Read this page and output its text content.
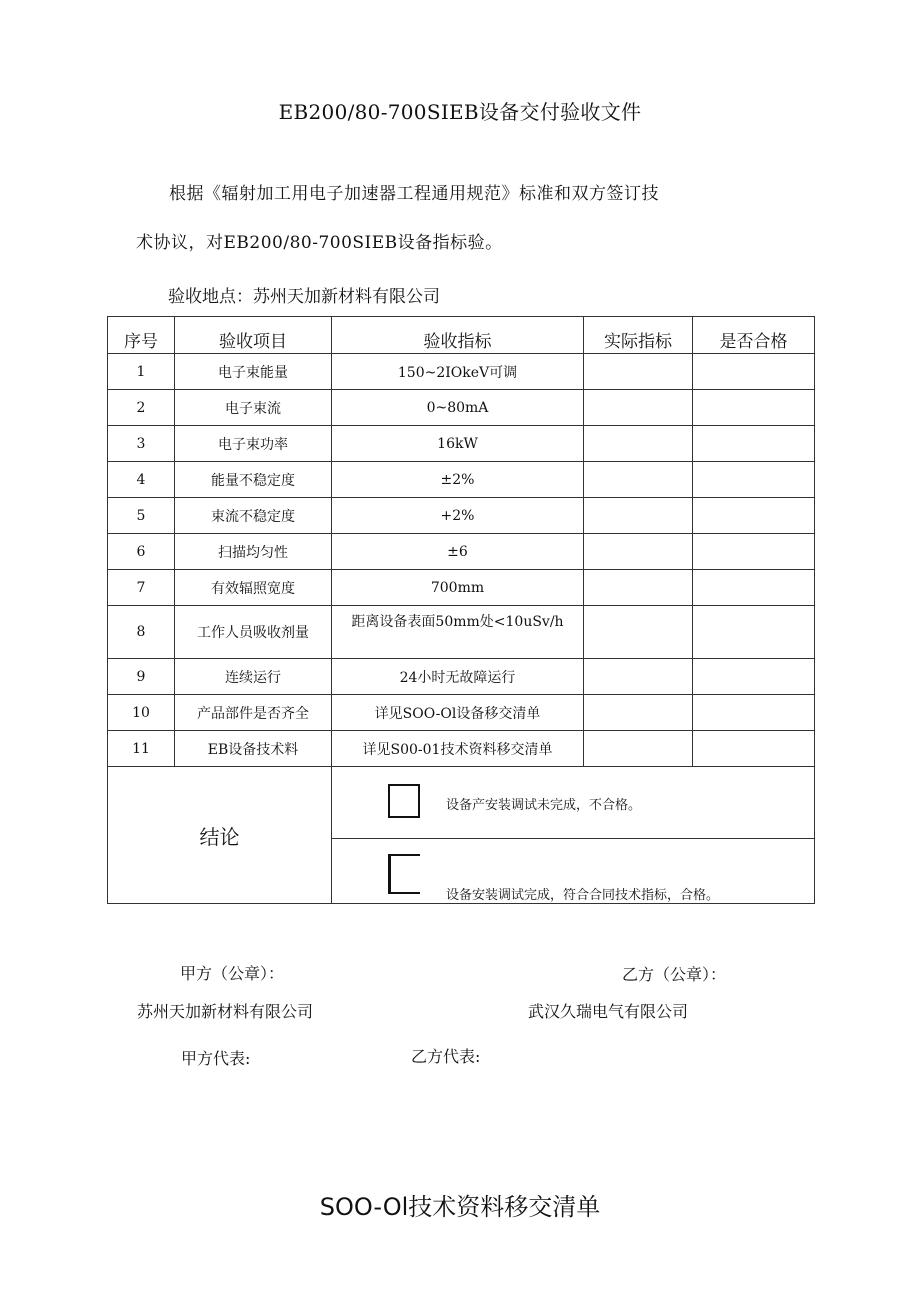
EB200/80-700SIEB设备交付验收文件
根据《辐射加工用电子加速器工程通用规范》标准和双方签订技
术协议，对EB200/80-700SIEB设备指标验。
验收地点：苏州天加新材料有限公司
序号	验收项目	验收指标	实际指标	是否合格
1	电子束能量	150~2IOkeV可调		
2	电子束流	0~80mA		
3	电子束功率	16kW		
4	能量不稳定度	±2%		
5	束流不稳定度	+2%		
6	扫描均匀性	±6		
7	有效辐照宽度	700mm		
8	工作人员吸收剂量	距离设备表面50mm处<10uSv/h		
9	连续运行	24小时无故障运行		
10	产品部件是否齐全	详见SOO-Ol设备移交清单		
11	EB设备技术料	详见S00-01技术资料移交清单		
结论		设备产安装调试未完成，不合格。		

		设备安装调试完成，符合合同技术指标，合格。		
甲方（公章）：	乙方（公章）：
苏州天加新材料有限公司	武汉久瑞电气有限公司
甲方代表:	乙方代表:
SOO-Ol技术资料移交清单
